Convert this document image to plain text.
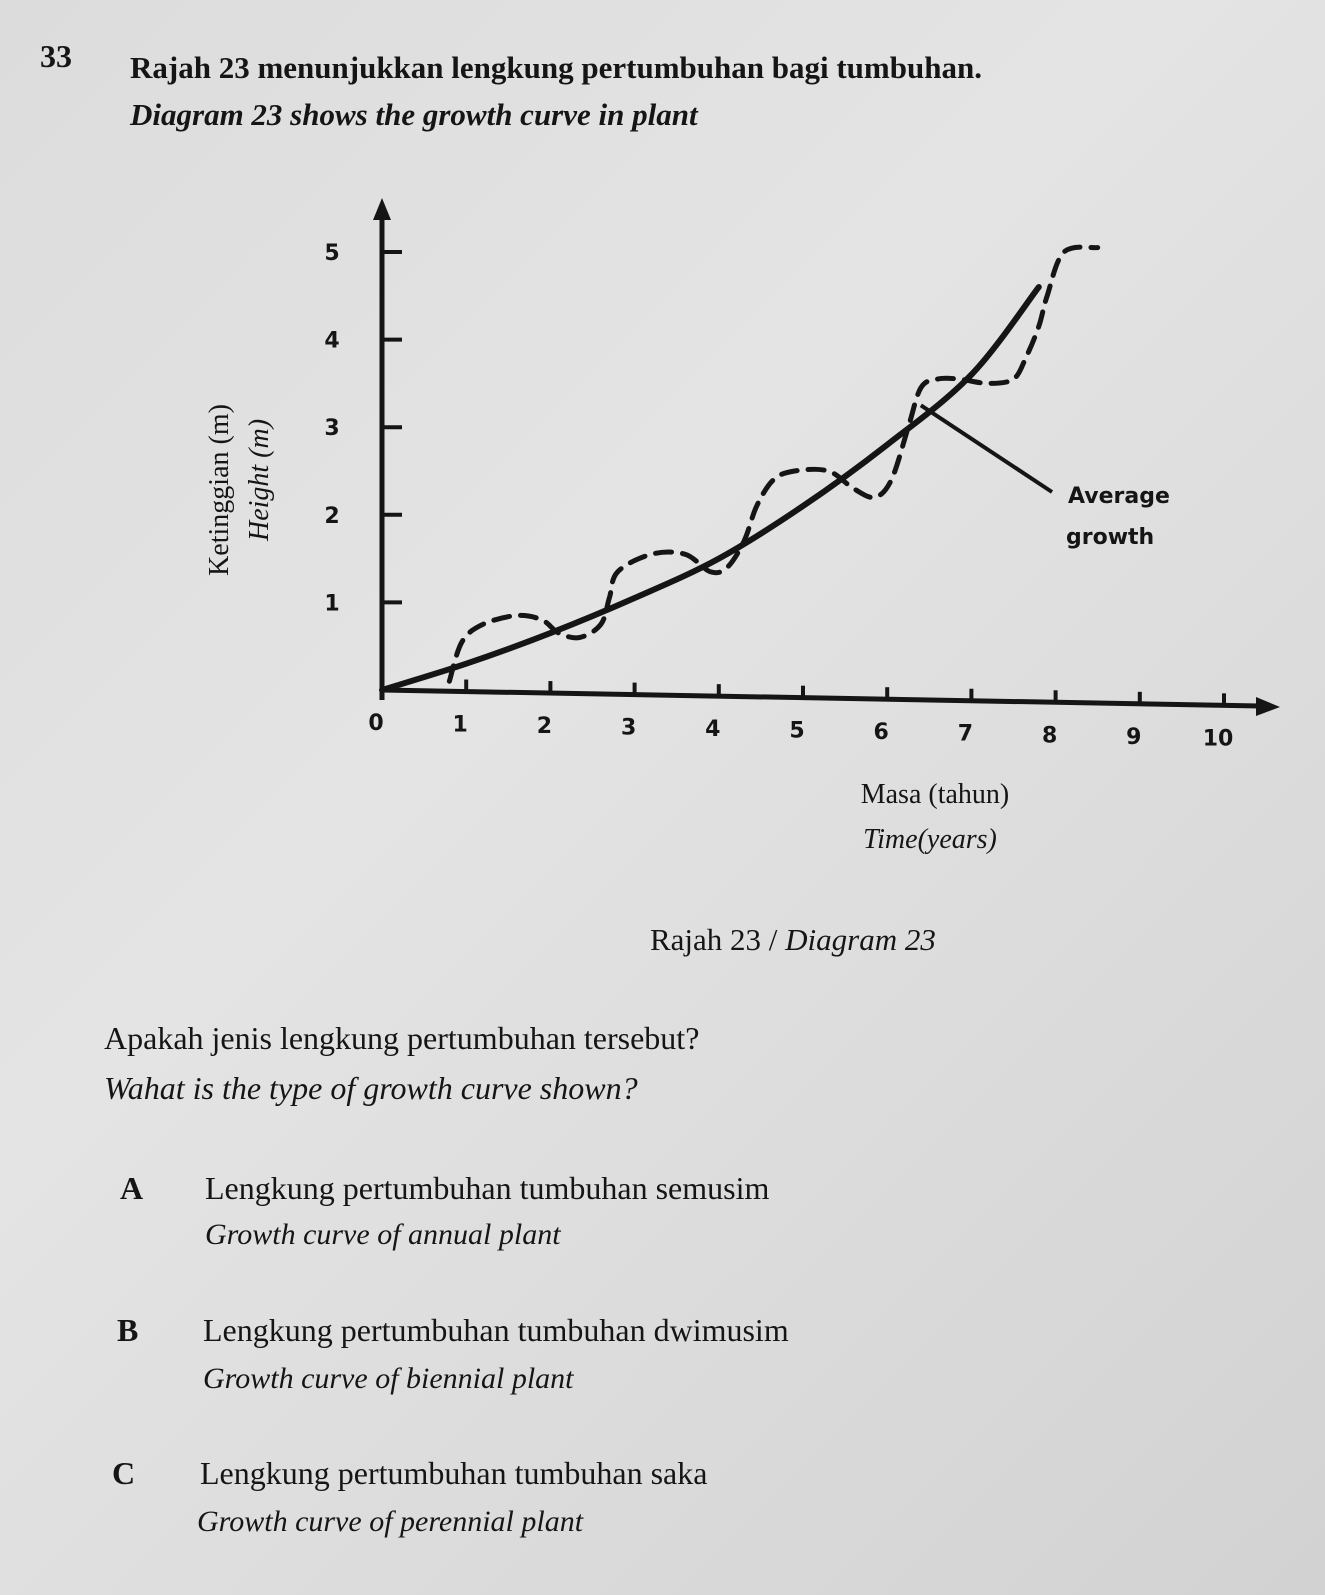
33 Rajah 23 menunjukkan lengkung pertumbuhan bagi tumbuhan.
Diagram 23 shows the growth curve in plant
1
2
3
4
5
0	1	2	3	4	5	6	7	8	9	10
Average
growth
Ketinggian (m) Height (m)
Masa (tahun)
Time(years)
Rajah 23 / Diagram 23
Apakah jenis lengkung pertumbuhan tersebut?
Wahat is the type of growth curve shown?
A Lengkung pertumbuhan tumbuhan semusim
Growth curve of annual plant
B Lengkung pertumbuhan tumbuhan dwimusim
Growth curve of biennial plant
C Lengkung pertumbuhan tumbuhan saka
Growth curve of perennial plant
